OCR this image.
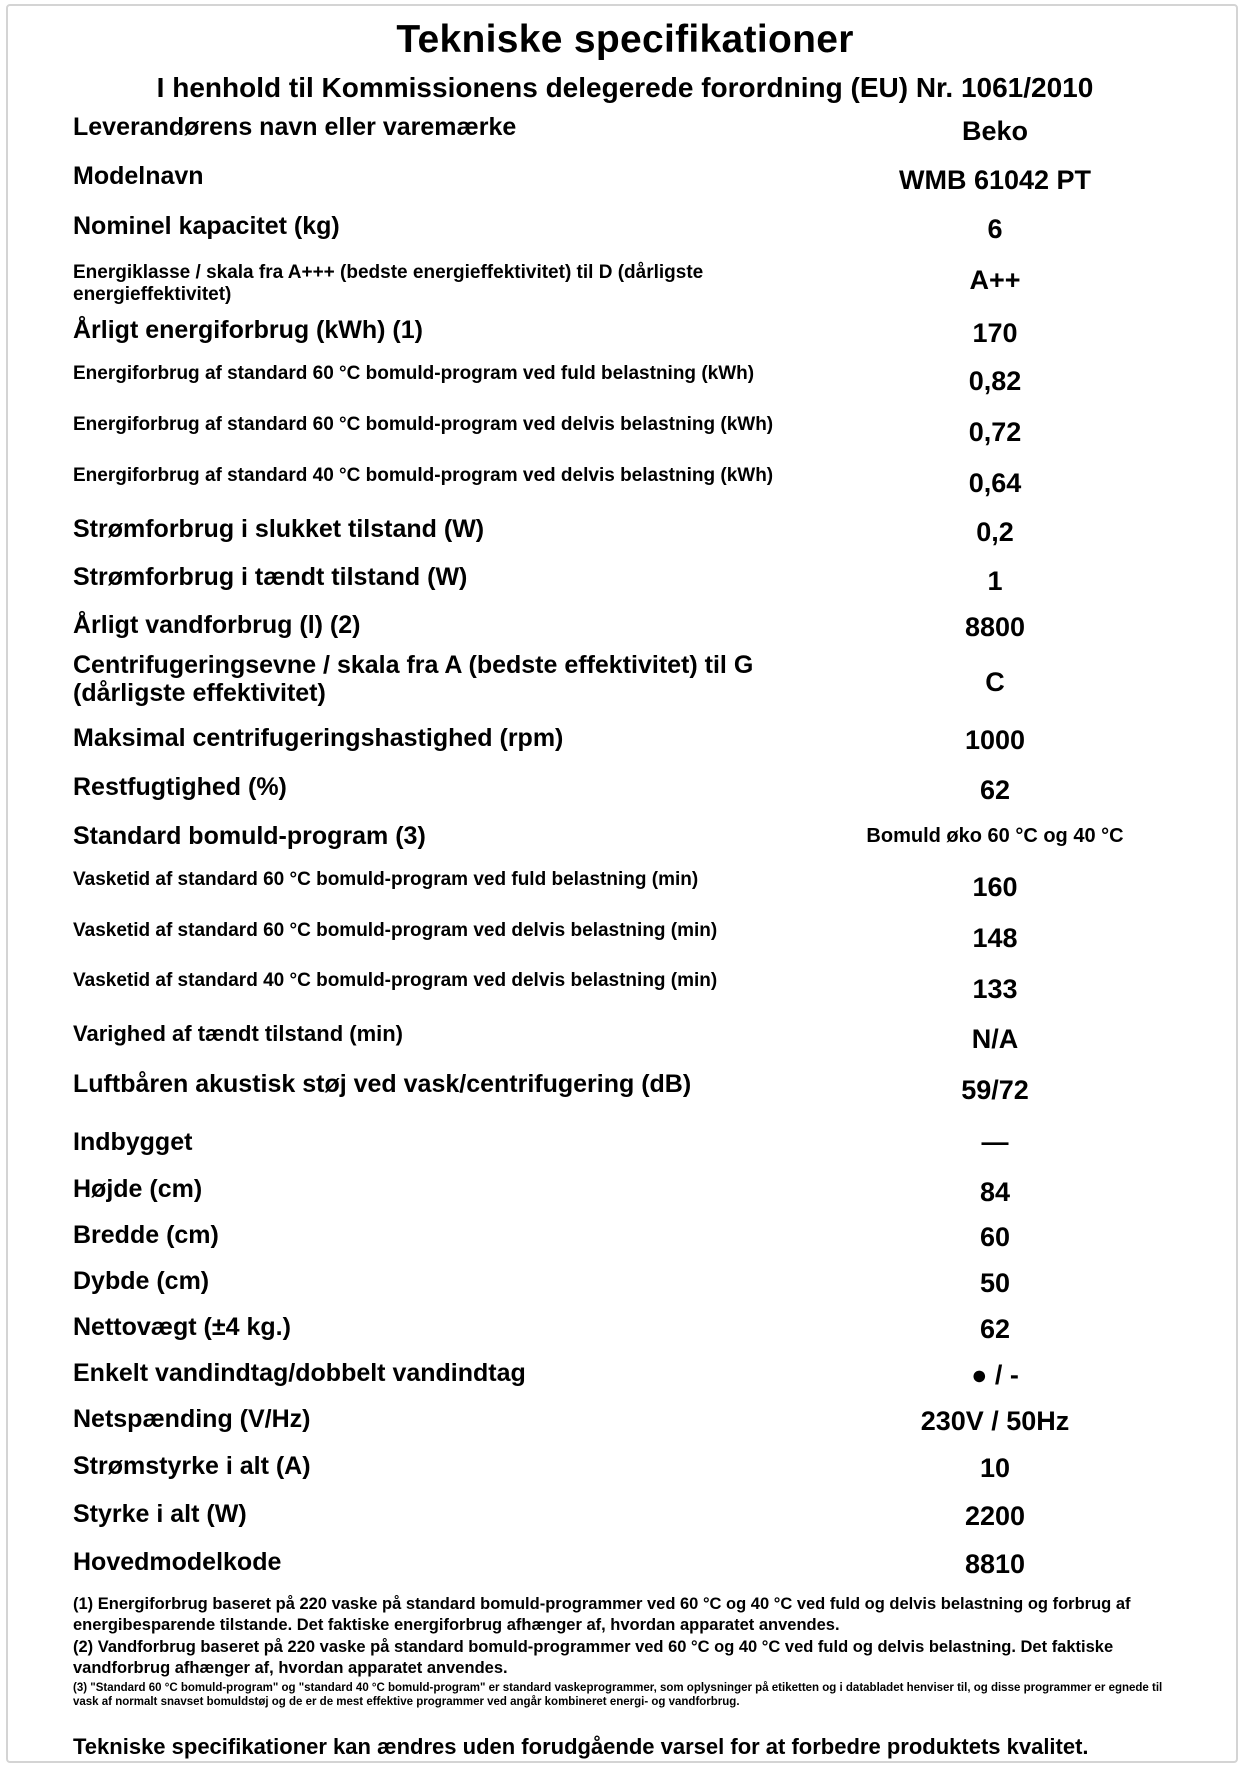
Tekniske specifikationer
I henhold til Kommissionens delegerede forordning (EU) Nr. 1061/2010
Leverandørens navn eller varemærke	Beko
Modelnavn	WMB 61042 PT
Nominel kapacitet (kg)	6
Energiklasse / skala fra A+++ (bedste energieffektivitet) til D (dårligste energieffektivitet)	A++
Årligt energiforbrug (kWh) (1)	170
Energiforbrug af standard 60 °C bomuld-program ved fuld belastning (kWh)	0,82
Energiforbrug af standard 60 °C bomuld-program ved delvis belastning (kWh)	0,72
Energiforbrug af standard 40 °C bomuld-program ved delvis belastning (kWh)	0,64
Strømforbrug i slukket tilstand (W)	0,2
Strømforbrug i tændt tilstand (W)	1
Årligt vandforbrug (l) (2)	8800
Centrifugeringsevne / skala fra A (bedste effektivitet) til G (dårligste effektivitet)	C
Maksimal centrifugeringshastighed (rpm)	1000
Restfugtighed (%)	62
Standard bomuld-program (3)	Bomuld øko 60 °C og 40 °C
Vasketid af standard 60 °C bomuld-program ved fuld belastning (min)	160
Vasketid af standard 60 °C bomuld-program ved delvis belastning (min)	148
Vasketid af standard 40 °C bomuld-program ved delvis belastning (min)	133
Varighed af tændt tilstand (min)	N/A
Luftbåren akustisk støj ved vask/centrifugering (dB)	59/72
Indbygget	—
Højde (cm)	84
Bredde (cm)	60
Dybde (cm)	50
Nettovægt (±4 kg.)	62
Enkelt vandindtag/dobbelt vandindtag	● / -
Netspænding (V/Hz)	230V / 50Hz
Strømstyrke i alt (A)	10
Styrke i alt (W)	2200
Hovedmodelkode	8810
(1) Energiforbrug baseret på 220 vaske på standard bomuld-programmer ved 60 °C og 40 °C ved fuld og delvis belastning og forbrug af energibesparende tilstande. Det faktiske energiforbrug afhænger af, hvordan apparatet anvendes.
(2) Vandforbrug baseret på 220 vaske på standard bomuld-programmer ved 60 °C og 40 °C ved fuld og delvis belastning. Det faktiske vandforbrug afhænger af, hvordan apparatet anvendes.
(3) "Standard 60 °C bomuld-program" og "standard 40 °C bomuld-program" er standard vaskeprogrammer, som oplysninger på etiketten og i databladet henviser til, og disse programmer er egnede til vask af normalt snavset bomuldstøj og de er de mest effektive programmer ved angår kombineret energi- og vandforbrug.
Tekniske specifikationer kan ændres uden forudgående varsel for at forbedre produktets kvalitet.
